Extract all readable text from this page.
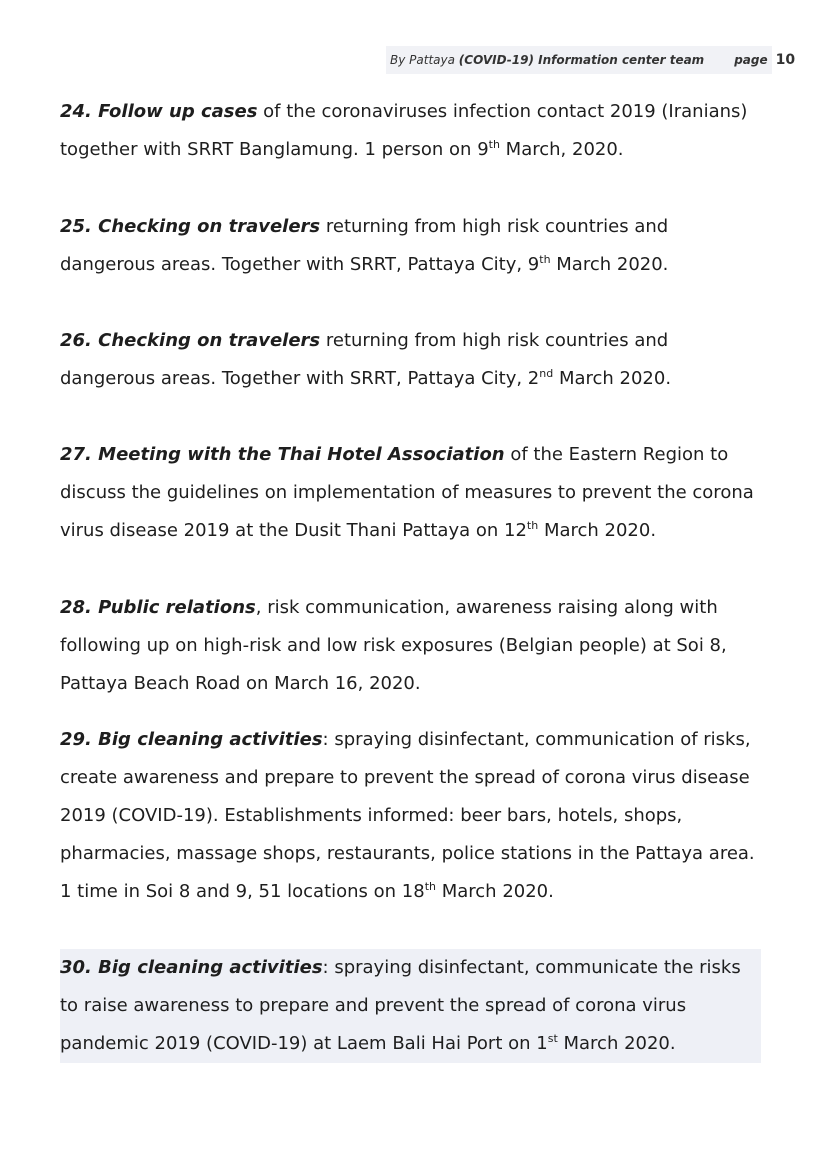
By Pattaya (COVID-19) Information center team	page 10
24. Follow up cases of the coronaviruses infection contact 2019 (Iranians) together with SRRT Banglamung. 1 person on 9th March, 2020.
25. Checking on travelers returning from high risk countries and dangerous areas. Together with SRRT, Pattaya City, 9th March 2020.
26. Checking on travelers returning from high risk countries and dangerous areas. Together with SRRT, Pattaya City, 2nd March 2020.
27. Meeting with the Thai Hotel Association of the Eastern Region to discuss the guidelines on implementation of measures to prevent the corona virus disease 2019 at the Dusit Thani Pattaya on 12th March 2020.
28. Public relations, risk communication, awareness raising along with following up on high-risk and low risk exposures (Belgian people) at Soi 8, Pattaya Beach Road on March 16, 2020.
29. Big cleaning activities: spraying disinfectant, communication of risks, create awareness and prepare to prevent the spread of corona virus disease 2019 (COVID-19). Establishments informed: beer bars, hotels, shops, pharmacies, massage shops, restaurants, police stations in the Pattaya area. 1 time in Soi 8 and 9, 51 locations on 18th March 2020.
30. Big cleaning activities: spraying disinfectant, communicate the risks to raise awareness to prepare and prevent the spread of corona virus pandemic 2019 (COVID-19) at Laem Bali Hai Port on 1st March 2020.
